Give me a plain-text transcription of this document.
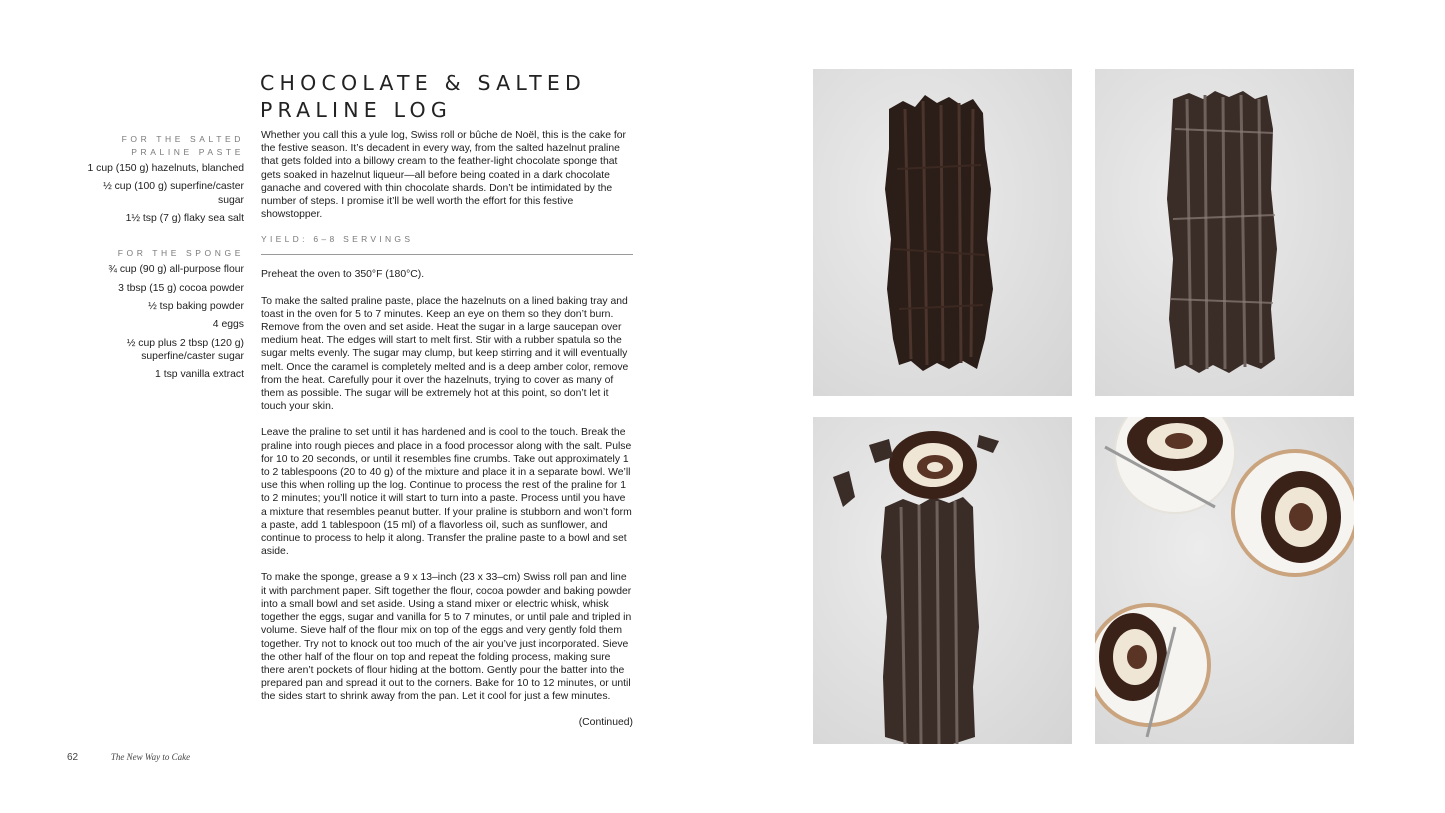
CHOCOLATE & SALTED
PRALINE LOG
FOR THE SALTED
PRALINE PASTE
1 cup (150 g) hazelnuts, blanched
½ cup (100 g) superfine/caster sugar
1½ tsp (7 g) flaky sea salt
FOR THE SPONGE
¾ cup (90 g) all-purpose flour
3 tbsp (15 g) cocoa powder
½ tsp baking powder
4 eggs
½ cup plus 2 tbsp (120 g) superfine/caster sugar
1 tsp vanilla extract

Whether you call this a yule log, Swiss roll or bûche de Noël, this is the cake for the festive season. It’s decadent in every way, from the salted hazelnut praline that gets folded into a billowy cream to the feather-light chocolate sponge that gets soaked in hazelnut liqueur—all before being coated in a dark chocolate ganache and covered with thin chocolate shards. Don’t be intimidated by the number of steps. I promise it’ll be well worth the effort for this festive showstopper.

YIELD: 6–8 SERVINGS

Preheat the oven to 350°F (180°C).

To make the salted praline paste, place the hazelnuts on a lined baking tray and toast in the oven for 5 to 7 minutes. Keep an eye on them so they don’t burn. Remove from the oven and set aside. Heat the sugar in a large saucepan over medium heat. The edges will start to melt first. Stir with a rubber spatula so the sugar melts evenly. The sugar may clump, but keep stirring and it will eventually melt. Once the caramel is completely melted and is a deep amber color, remove from the heat. Carefully pour it over the hazelnuts, trying to cover as many of them as possible. The sugar will be extremely hot at this point, so don’t let it touch your skin.

Leave the praline to set until it has hardened and is cool to the touch. Break the praline into rough pieces and place in a food processor along with the salt. Pulse for 10 to 20 seconds, or until it resembles fine crumbs. Take out approximately 1 to 2 tablespoons (20 to 40 g) of the mixture and place it in a separate bowl. We’ll use this when rolling up the log. Continue to process the rest of the praline for 1 to 2 minutes; you’ll notice it will start to turn into a paste. Process until you have a mixture that resembles peanut butter. If your praline is stubborn and won’t form a paste, add 1 tablespoon (15 ml) of a flavorless oil, such as sunflower, and continue to process to help it along. Transfer the praline paste to a bowl and set aside.

To make the sponge, grease a 9 x 13–inch (23 x 33–cm) Swiss roll pan and line it with parchment paper. Sift together the flour, cocoa powder and baking powder into a small bowl and set aside. Using a stand mixer or electric whisk, whisk together the eggs, sugar and vanilla for 5 to 7 minutes, or until pale and tripled in volume. Sieve half of the flour mix on top of the eggs and very gently fold them together. Try not to knock out too much of the air you’ve just incorporated. Sieve the other half of the flour on top and repeat the folding process, making sure there aren’t pockets of flour hiding at the bottom. Gently pour the batter into the prepared pan and spread it out to the corners. Bake for 10 to 12 minutes, or until the sides start to shrink away from the pan. Let it cool for just a few minutes.

(Continued)
62	The New Way to Cake
